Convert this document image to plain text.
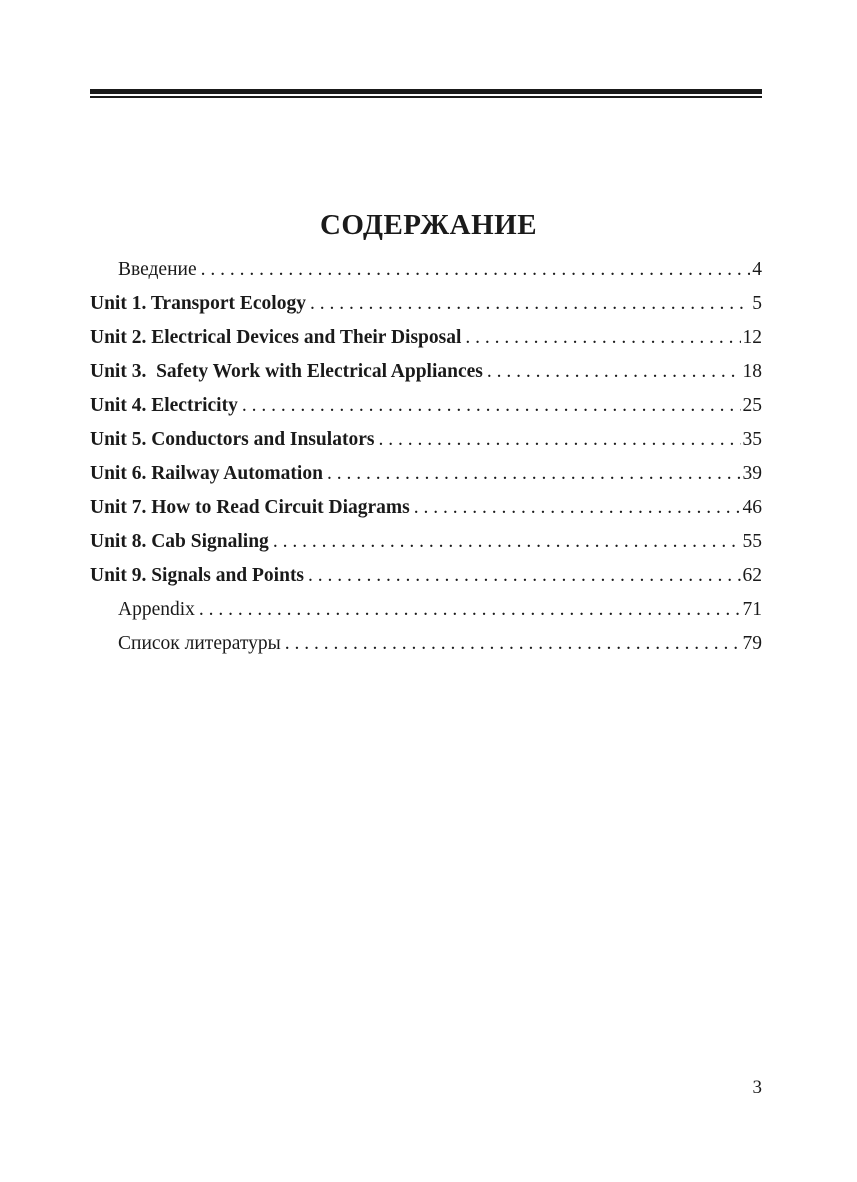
СОДЕРЖАНИЕ
Введение . . .	4
Unit 1. Transport Ecology . . .	5
Unit 2. Electrical Devices and Their Disposal . . .	12
Unit 3.  Safety Work with Electrical Appliances . . .	18
Unit 4. Electricity . . .	25
Unit 5. Conductors and Insulators . . .	35
Unit 6. Railway Automation . . .	39
Unit 7. How to Read Circuit Diagrams . . .	46
Unit 8. Cab Signaling . . .	55
Unit 9. Signals and Points . . .	62
Appendix . . .	71
Список литературы . . .	79
3
